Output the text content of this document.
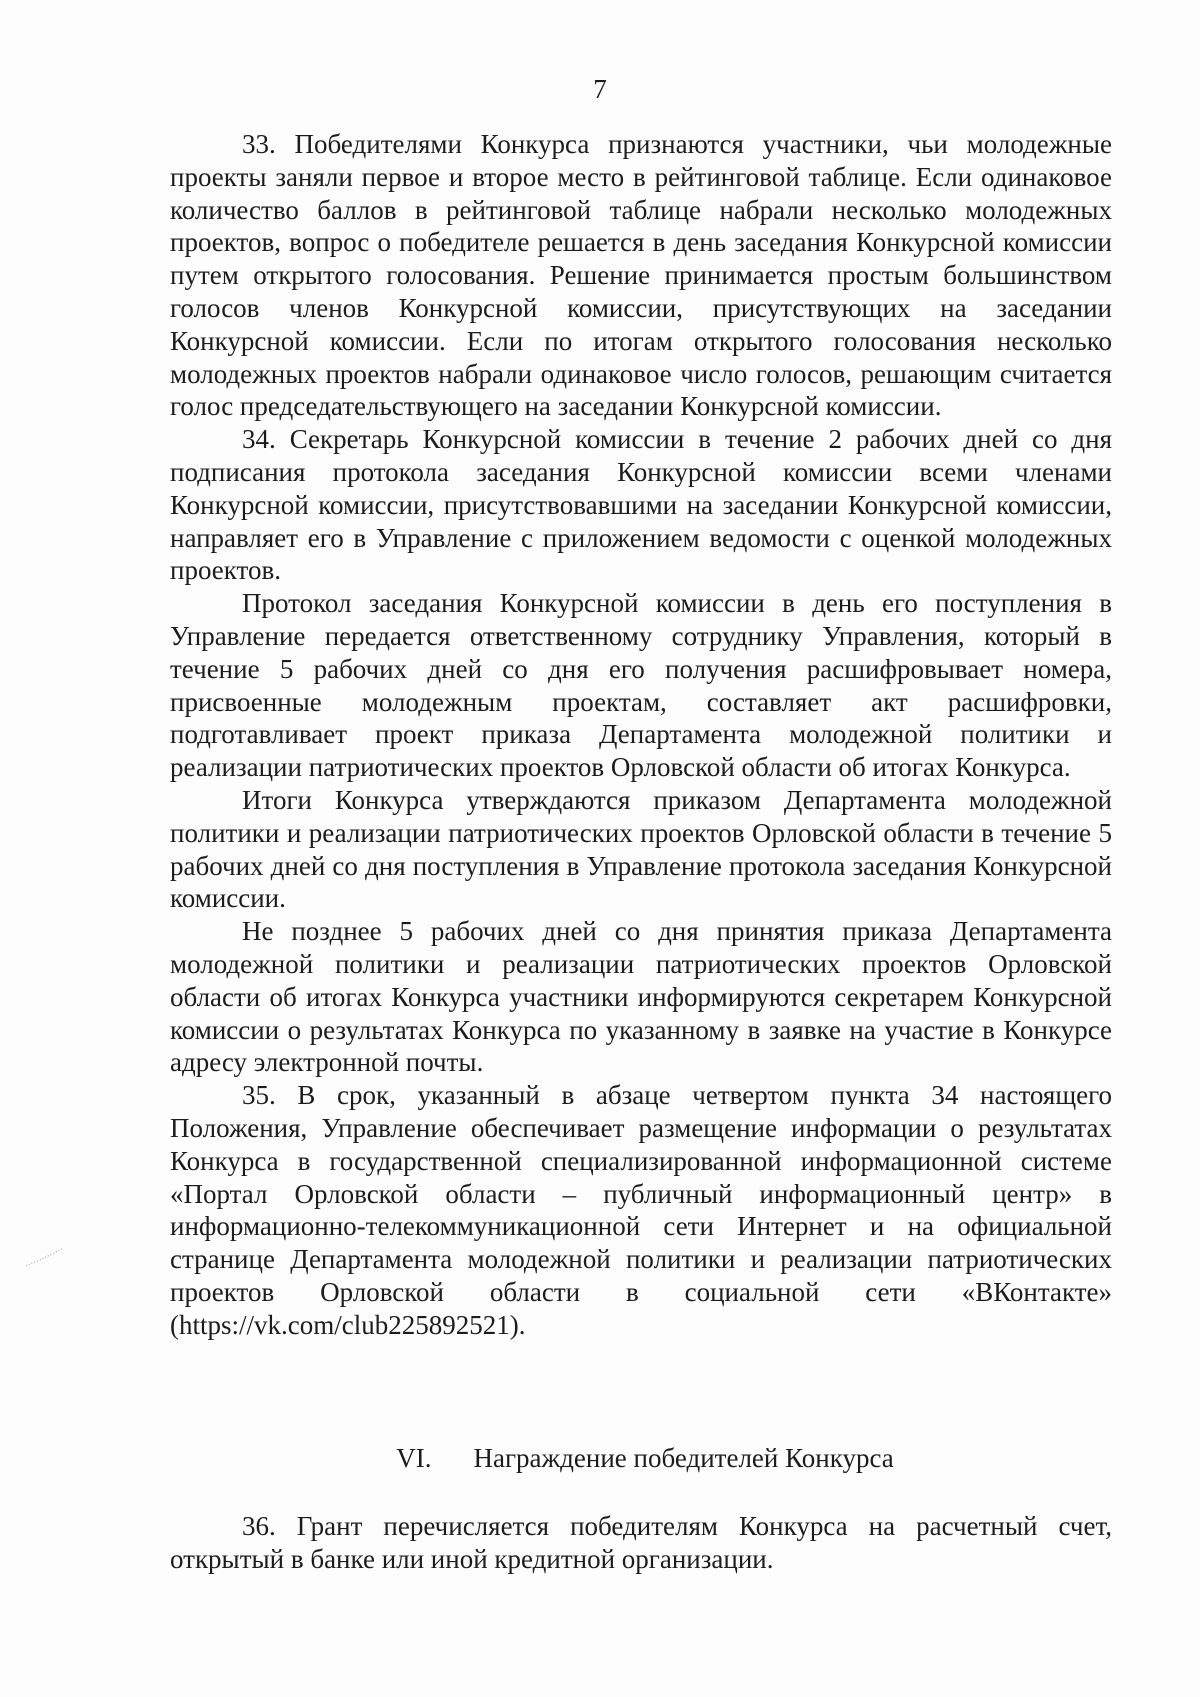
7

33. Победителями Конкурса признаются участники, чьи молодежные проекты заняли первое и второе место в рейтинговой таблице. Если одинаковое количество баллов в рейтинговой таблице набрали несколько молодежных проектов, вопрос о победителе решается в день заседания Конкурсной комиссии путем открытого голосования. Решение принимается простым большинством голосов членов Конкурсной комиссии, присутствующих на заседании Конкурсной комиссии. Если по итогам открытого голосования несколько молодежных проектов набрали одинаковое число голосов, решающим считается голос председательствующего на заседании Конкурсной комиссии.

34. Секретарь Конкурсной комиссии в течение 2 рабочих дней со дня подписания протокола заседания Конкурсной комиссии всеми членами Конкурсной комиссии, присутствовавшими на заседании Конкурсной комиссии, направляет его в Управление с приложением ведомости с оценкой молодежных проектов.

Протокол заседания Конкурсной комиссии в день его поступления в Управление передается ответственному сотруднику Управления, который в течение 5 рабочих дней со дня его получения расшифровывает номера, присвоенные молодежным проектам, составляет акт расшифровки, подготавливает проект приказа Департамента молодежной политики и реализации патриотических проектов Орловской области об итогах Конкурса.

Итоги Конкурса утверждаются приказом Департамента молодежной политики и реализации патриотических проектов Орловской области в течение 5 рабочих дней со дня поступления в Управление протокола заседания Конкурсной комиссии.

Не позднее 5 рабочих дней со дня принятия приказа Департамента молодежной политики и реализации патриотических проектов Орловской области об итогах Конкурса участники информируются секретарем Конкурсной комиссии о результатах Конкурса по указанному в заявке на участие в Конкурсе адресу электронной почты.

35. В срок, указанный в абзаце четвертом пункта 34 настоящего Положения, Управление обеспечивает размещение информации о результатах Конкурса в государственной специализированной информационной системе «Портал Орловской области – публичный информационный центр» в информационно-телекоммуникационной сети Интернет и на официальной странице Департамента молодежной политики и реализации патриотических проектов Орловской области в социальной сети «ВКонтакте» (https://vk.com/club225892521).

VI. Награждение победителей Конкурса

36. Грант перечисляется победителям Конкурса на расчетный счет, открытый в банке или иной кредитной организации.
